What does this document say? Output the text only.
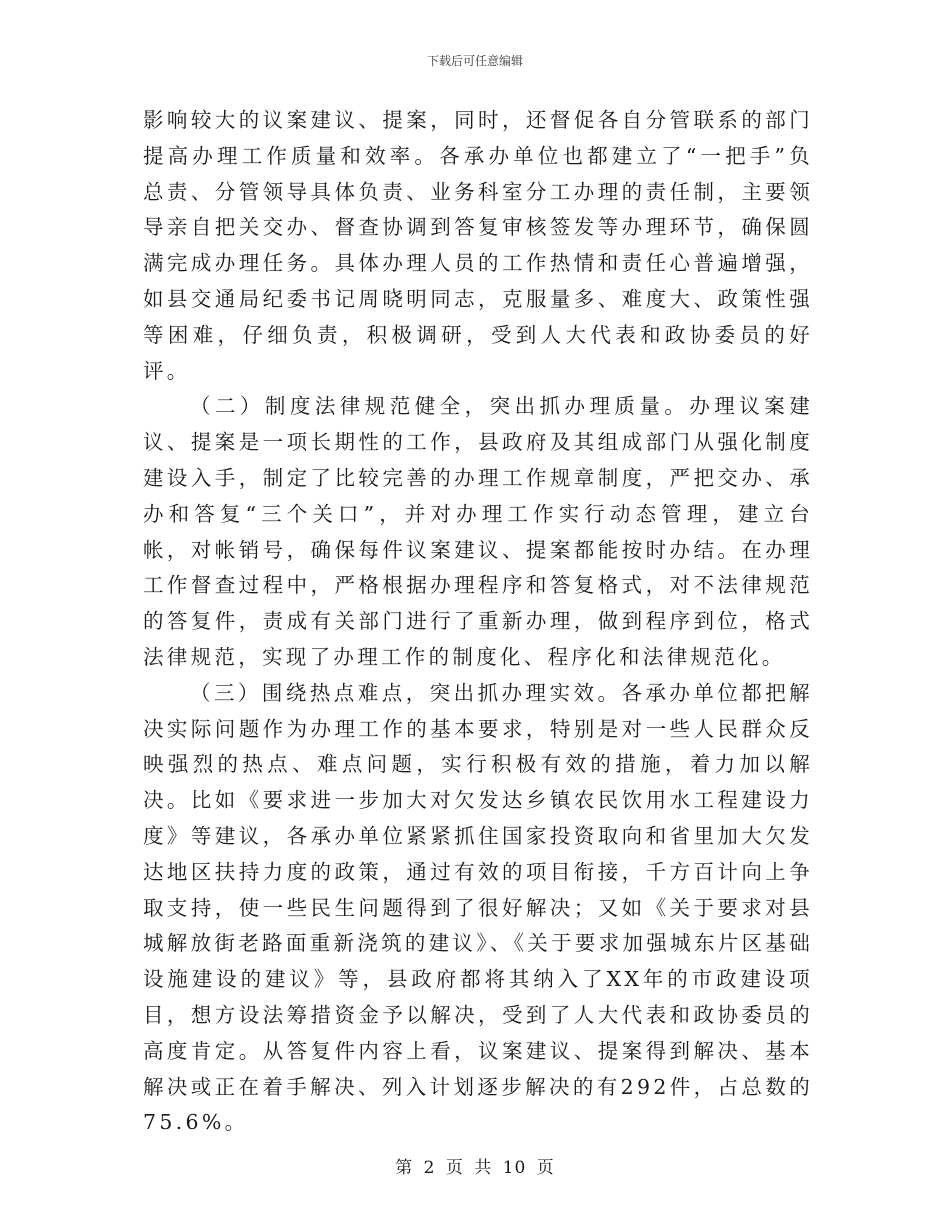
下载后可任意编辑

影响较大的议案建议、提案，同时，还督促各自分管联系的部门提高办理工作质量和效率。各承办单位也都建立了“一把手”负总责、分管领导具体负责、业务科室分工办理的责任制，主要领导亲自把关交办、督查协调到答复审核签发等办理环节，确保圆满完成办理任务。具体办理人员的工作热情和责任心普遍增强，如县交通局纪委书记周晓明同志，克服量多、难度大、政策性强等困难，仔细负责，积极调研，受到人大代表和政协委员的好评。

（二）制度法律规范健全，突出抓办理质量。办理议案建议、提案是一项长期性的工作，县政府及其组成部门从强化制度建设入手，制定了比较完善的办理工作规章制度，严把交办、承办和答复“三个关口”，并对办理工作实行动态管理，建立台帐，对帐销号，确保每件议案建议、提案都能按时办结。在办理工作督查过程中，严格根据办理程序和答复格式，对不法律规范的答复件，责成有关部门进行了重新办理，做到程序到位，格式法律规范，实现了办理工作的制度化、程序化和法律规范化。

（三）围绕热点难点，突出抓办理实效。各承办单位都把解决实际问题作为办理工作的基本要求，特别是对一些人民群众反映强烈的热点、难点问题，实行积极有效的措施，着力加以解决。比如《要求进一步加大对欠发达乡镇农民饮用水工程建设力度》等建议，各承办单位紧紧抓住国家投资取向和省里加大欠发达地区扶持力度的政策，通过有效的项目衔接，千方百计向上争取支持，使一些民生问题得到了很好解决；又如《关于要求对县城解放街老路面重新浇筑的建议》、《关于要求加强城东片区基础设施建设的建议》等，县政府都将其纳入了XX年的市政建设项目，想方设法筹措资金予以解决，受到了人大代表和政协委员的高度肯定。从答复件内容上看，议案建议、提案得到解决、基本解决或正在着手解决、列入计划逐步解决的有292件，占总数的75.6%。

第 2 页 共 10 页
